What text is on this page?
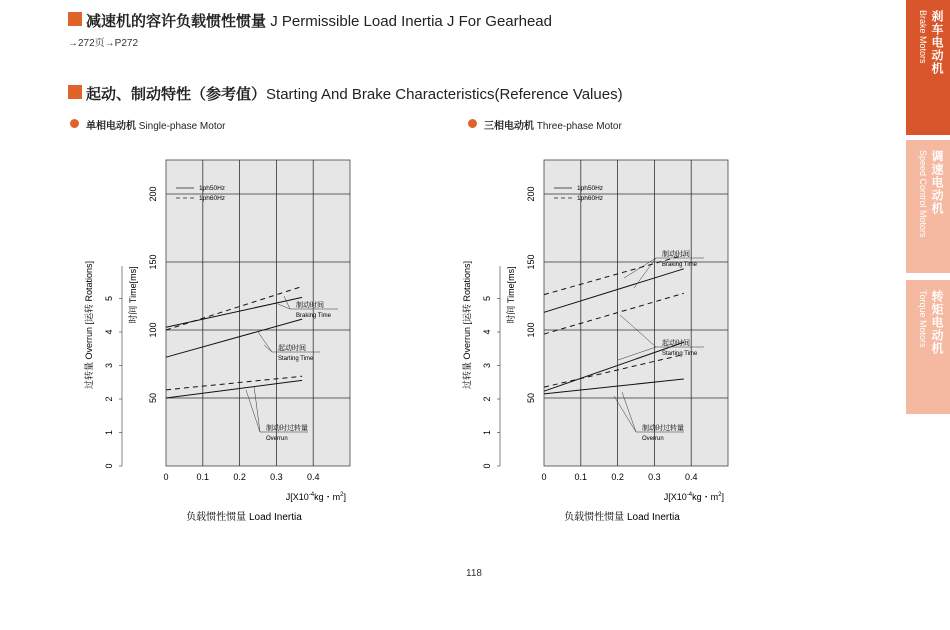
减速机的容许负载惯性惯量 J Permissible Load Inertia J For Gearhead
→272页→P272
起动、制动特性（参考值）Starting And Brake Characteristics(Reference Values)
单相电动机 Single-phase Motor	三相电动机 Three-phase Motor
0	0.1	0.2	0.3	0.4
50
100
150
200
0
1
2
3
4
5
过转量 Overrun [运转 Rotations]	时间 Time[ms]
$J[X10^{-4}kg$・$m^2$]
负载惯性惯量 Load Inertia
1ph50Hz
1ph60Hz
制动时间
Braking Time
起动时间
Starting Time
制动时过转量
Overrun
0	0.1	0.2	0.3	0.4
50
100
150
200
0
1
2
3
4
5
过转量 Overrun [运转 Rotations]	时间 Time[ms]
$J[X10^{-4}kg$・$m^2$]
负载惯性惯量 Load Inertia
1ph50Hz
1ph60Hz
制动时间
Braking Time
起动时间
Starting Time
制动时过转量
Overrun
118
刹车电动机
Brake Motors
调速电动机
Speed Control Motors
转矩电动机
Torque Motors
